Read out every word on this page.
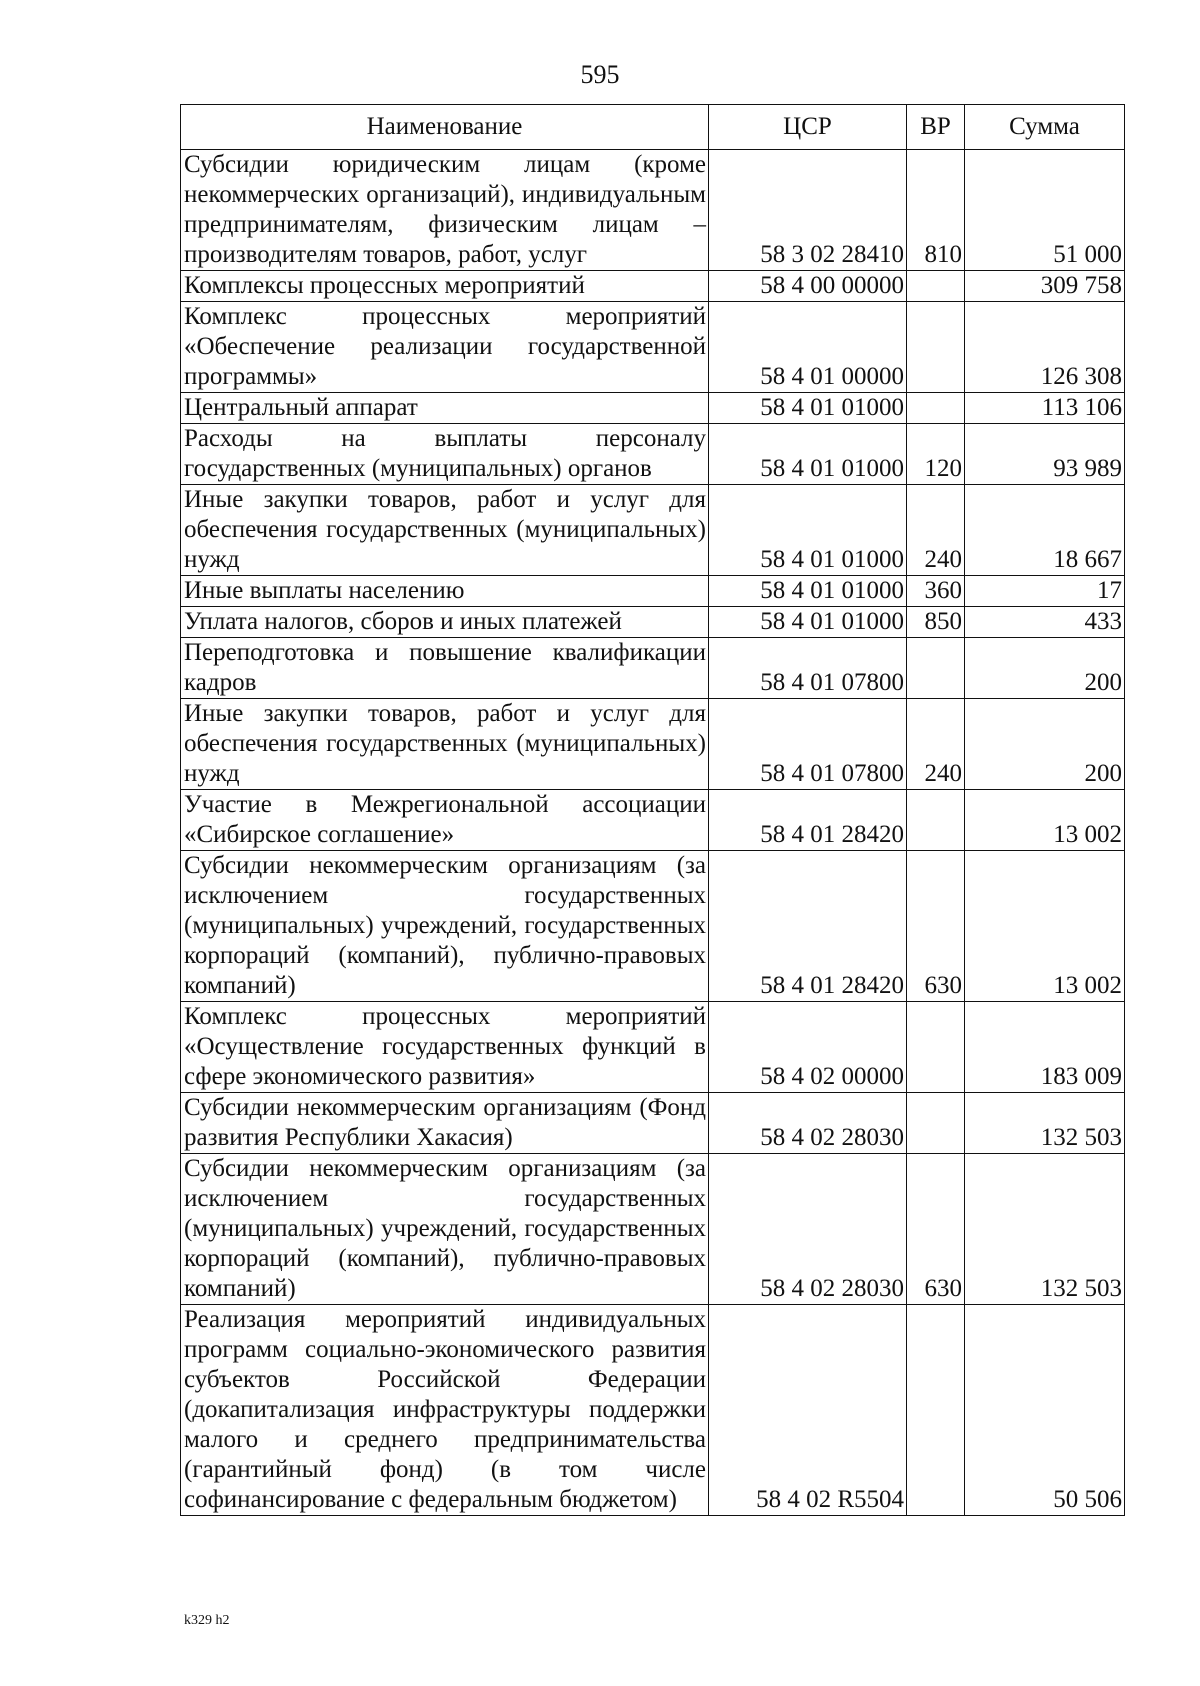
595
Наименование	ЦСР	ВР	Сумма
Субсидии юридическим лицам (кроме некоммерческих организаций), индивидуальным предпринимателям, физическим лицам – производителям товаров, работ, услуг	58 3 02 28410	810	51 000
Комплексы процессных мероприятий	58 4 00 00000		309 758
Комплекс процессных мероприятий «Обеспечение реализации государственной программы»	58 4 01 00000		126 308
Центральный аппарат	58 4 01 01000		113 106
Расходы на выплаты персоналу государственных (муниципальных) органов	58 4 01 01000	120	93 989
Иные закупки товаров, работ и услуг для обеспечения государственных (муниципальных) нужд	58 4 01 01000	240	18 667
Иные выплаты населению	58 4 01 01000	360	17
Уплата налогов, сборов и иных платежей	58 4 01 01000	850	433
Переподготовка и повышение квалификации кадров	58 4 01 07800		200
Иные закупки товаров, работ и услуг для обеспечения государственных (муниципальных) нужд	58 4 01 07800	240	200
Участие в Межрегиональной ассоциации «Сибирское соглашение»	58 4 01 28420		13 002
Субсидии некоммерческим организациям (за исключением государственных (муниципальных) учреждений, государственных корпораций (компаний), публично-правовых компаний)	58 4 01 28420	630	13 002
Комплекс процессных мероприятий «Осуществление государственных функций в сфере экономического развития»	58 4 02 00000		183 009
Субсидии некоммерческим организациям (Фонд развития Республики Хакасия)	58 4 02 28030		132 503
Субсидии некоммерческим организациям (за исключением государственных (муниципальных) учреждений, государственных корпораций (компаний), публично-правовых компаний)	58 4 02 28030	630	132 503
Реализация мероприятий индивидуальных программ социально-экономического развития субъектов Российской Федерации (докапитализация инфраструктуры поддержки малого и среднего предпринимательства (гарантийный фонд) (в том числе софинансирование с федеральным бюджетом)	58 4 02 R5504		50 506
k329 h2
